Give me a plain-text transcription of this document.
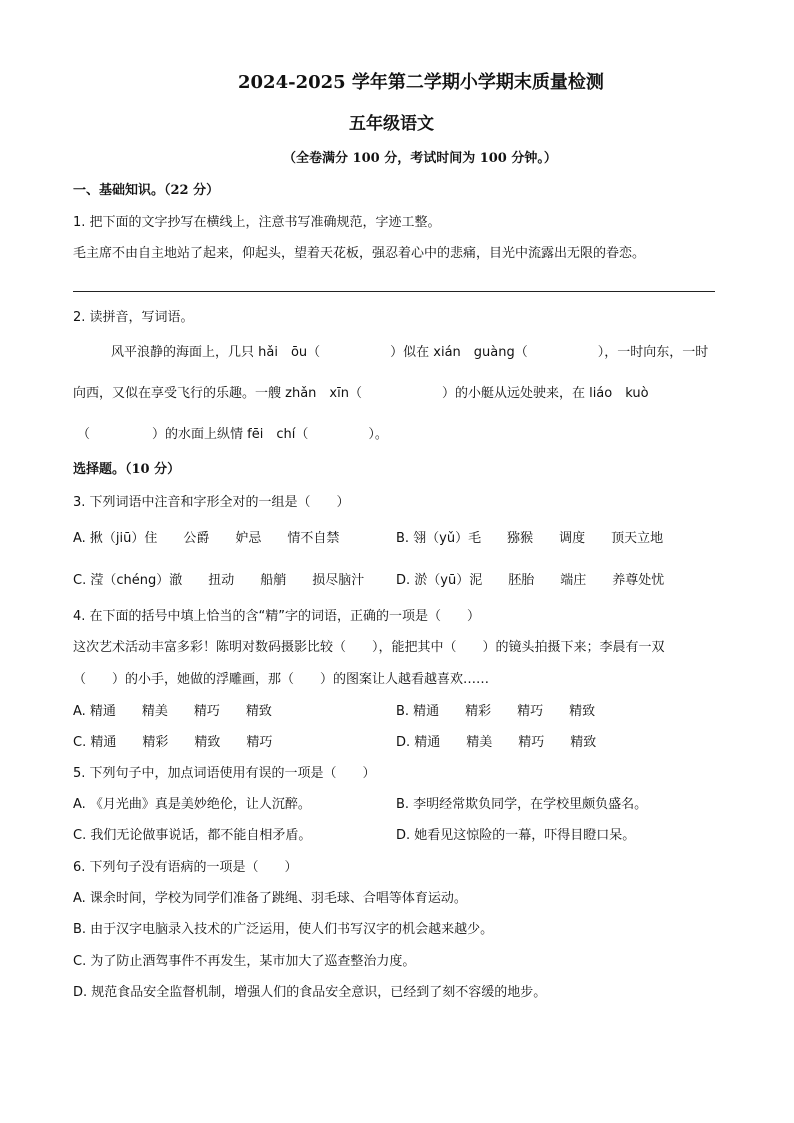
2024-2025 学年第二学期小学期末质量检测
五年级语文
（全卷满分 100 分，考试时间为 100 分钟。）
一、基础知识。（22 分）
1. 把下面的文字抄写在横线上，注意书写准确规范，字迹工整。
毛主席不由自主地站了起来，仰起头，望着天花板，强忍着心中的悲痛，目光中流露出无限的眷恋。
2. 读拼音，写词语。
风平浪静的海面上，几只 hǎi　ōu（	）似在 xián　guàng（	），一时向东，一时
向西，又似在享受飞行的乐趣。一艘 zhǎn　xīn（	）的小艇从远处驶来，在 liáo　kuò
（	）的水面上纵情 fēi　chí（	）。
选择题。（10 分）
3. 下列词语中注音和字形全对的一组是（　　）
A. 揪（jiū）住　　公爵　　妒忌　　情不自禁	B. 翎（yǔ）毛　　猕猴　　调度　　顶天立地
C. 滢（chéng）澈　　扭动　　船艄　　损尽脑汁 D. 淤（yū）泥　　胚胎　　端庄　　养尊处忧
4. 在下面的括号中填上恰当的含“精”字的词语，正确的一项是（　　）
这次艺术活动丰富多彩！陈明对数码摄影比较（　　），能把其中（　　）的镜头拍摄下来；李晨有一双
（　　）的小手，她做的浮雕画，那（　　）的图案让人越看越喜欢……
A. 精通　　精美　　精巧　　精致	B. 精通　　精彩　　精巧　　精致
C. 精通　　精彩　　精致　　精巧	D. 精通　　精美　　精巧　　精致
5. 下列句子中，加点词语使用有误的一项是（　　）
A. 《月光曲》真是美妙绝伦，让人沉醉。	B. 李明经常欺负同学，在学校里颇负盛名。
C. 我们无论做事说话，都不能自相矛盾。	D. 她看见这惊险的一幕，吓得目瞪口呆。
6. 下列句子没有语病的一项是（　　）
A. 课余时间，学校为同学们准备了跳绳、羽毛球、合唱等体育运动。
B. 由于汉字电脑录入技术的广泛运用，使人们书写汉字的机会越来越少。
C. 为了防止酒驾事件不再发生，某市加大了巡查整治力度。
D. 规范食品安全监督机制，增强人们的食品安全意识，已经到了刻不容缓的地步。
